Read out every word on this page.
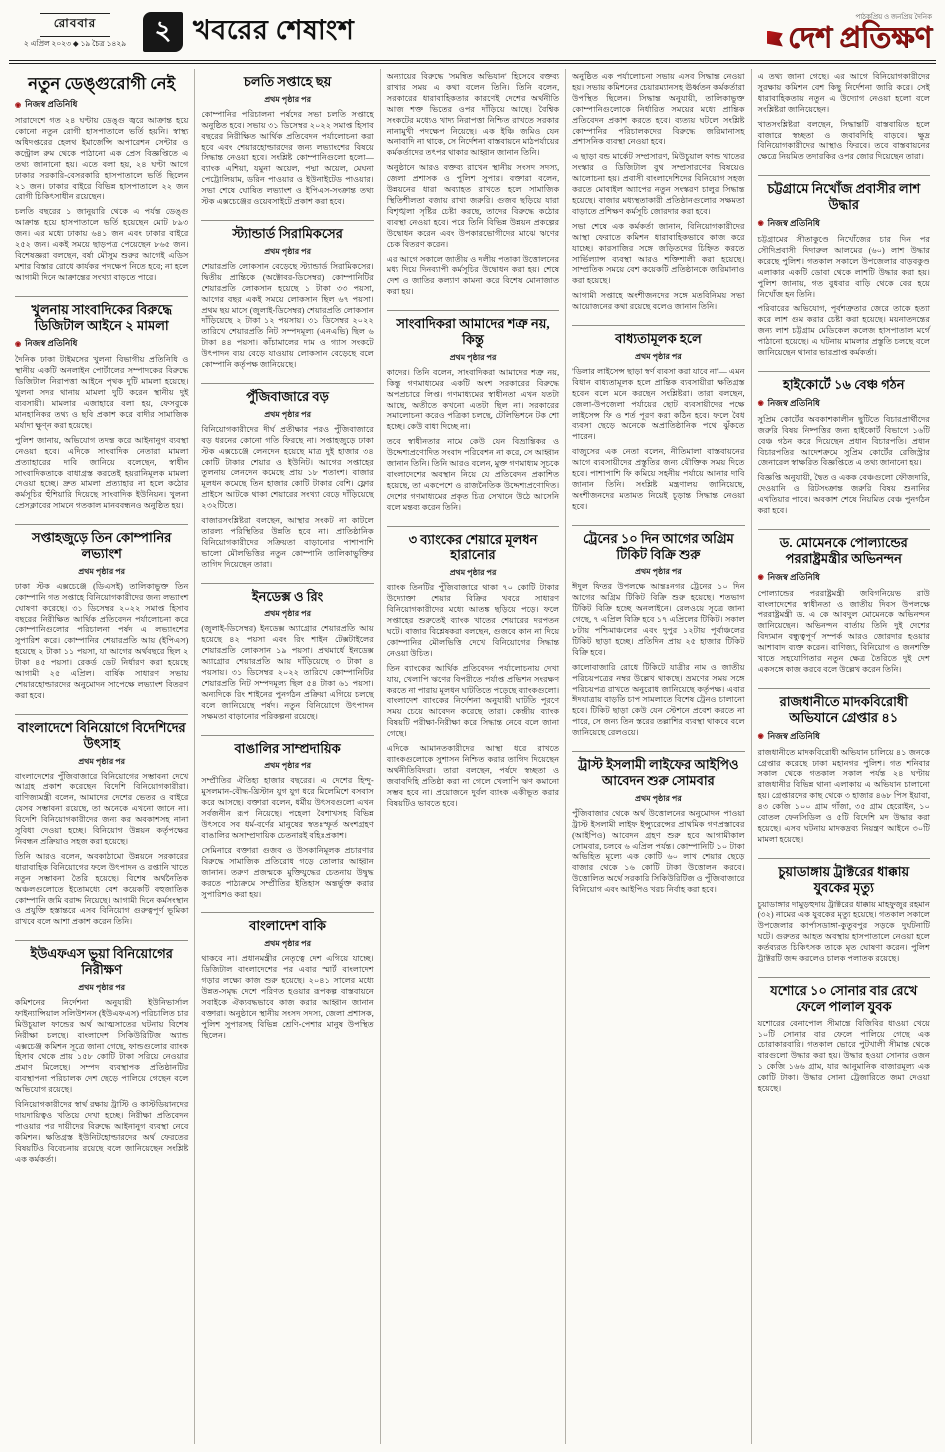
রোববার
২ এপ্রিল ২০২৩ ◆ ১৯ চৈত্র ১৪২৯	২ খবরের শেষাংশ	পাঠকপ্রিয় ও জনপ্রিয় দৈনিক
দেশ প্রতিক্ষণ
নতুন ডেঙ্গুরোগী নেই
◉ নিজস্ব প্রতিনিধি

সারাদেশে গত ২৪ ঘণ্টায় ডেঙ্গু জ্বরে আক্রান্ত হয়ে কোনো নতুন রোগী হাসপাতালে ভর্তি হয়নি। স্বাস্থ্য অধিদপ্তরের হেলথ ইমার্জেন্সি অপারেশন সেন্টার ও কন্ট্রোল রুম থেকে পাঠানো এক প্রেস বিজ্ঞপ্তিতে এ তথ্য জানানো হয়। এতে বলা হয়, ২৪ ঘণ্টা আগে ঢাকার সরকারি-বেসরকারি হাসপাতালে ভর্তি ছিলেন ২১ জন। ঢাকার বাইরে বিভিন্ন হাসপাতালে ২২ জন রোগী চিকিৎসাধীন রয়েছেন।

চলতি বছরের ১ জানুয়ারি থেকে এ পর্যন্ত ডেঙ্গু আক্রান্ত হয়ে হাসপাতালে ভর্তি হয়েছেন মোট ৮৯৩ জন। এর মধ্যে ঢাকায় ৬৪১ জন এবং ঢাকার বাইরে ২৫২ জন। একই সময়ে ছাড়পত্র পেয়েছেন ৮৬৫ জন। বিশেষজ্ঞরা বলছেন, বর্ষা মৌসুম শুরুর আগেই এডিস মশার বিস্তার রোধে কার্যকর পদক্ষেপ নিতে হবে; না হলে আগামী দিনে আক্রান্তের সংখ্যা বাড়তে পারে।

খুলনায় সাংবাদিকের বিরুদ্ধে ডিজিটাল আইনে ২ মামলা
◉ নিজস্ব প্রতিনিধি

দৈনিক ঢাকা টাইমসের খুলনা বিভাগীয় প্রতিনিধি ও স্থানীয় একটি অনলাইন পোর্টালের সম্পাদকের বিরুদ্ধে ডিজিটাল নিরাপত্তা আইনে পৃথক দুটি মামলা হয়েছে। খুলনা সদর থানায় মামলা দুটি করেন স্থানীয় দুই ব্যবসায়ী। মামলার এজাহারে বলা হয়, ফেসবুকে মানহানিকর তথ্য ও ছবি প্রকাশ করে বাদীর সামাজিক মর্যাদা ক্ষুণ্ন করা হয়েছে।

পুলিশ জানায়, অভিযোগ তদন্ত করে আইনানুগ ব্যবস্থা নেওয়া হবে। এদিকে সাংবাদিক নেতারা মামলা প্রত্যাহারের দাবি জানিয়ে বলেছেন, স্বাধীন সাংবাদিকতাকে বাধাগ্রস্ত করতেই হয়রানিমূলক মামলা দেওয়া হচ্ছে। দ্রুত মামলা প্রত্যাহার না হলে কঠোর কর্মসূচির হুঁশিয়ারি দিয়েছে সাংবাদিক ইউনিয়ন। খুলনা প্রেসক্লাবের সামনে গতকাল মানববন্ধনও অনুষ্ঠিত হয়।

সপ্তাহজুড়ে তিন কোম্পানির লভ্যাংশ
প্রথম পৃষ্ঠার পর

ঢাকা স্টক এক্সচেঞ্জে (ডিএসই) তালিকাভুক্ত তিন কোম্পানি গত সপ্তাহে বিনিয়োগকারীদের জন্য লভ্যাংশ ঘোষণা করেছে। ৩১ ডিসেম্বর ২০২২ সমাপ্ত হিসাব বছরের নিরীক্ষিত আর্থিক প্রতিবেদন পর্যালোচনা করে কোম্পানিগুলোর পরিচালনা পর্ষদ এ লভ্যাংশের সুপারিশ করে। কোম্পানির শেয়ারপ্রতি আয় (ইপিএস) হয়েছে ২ টাকা ১১ পয়সা, যা আগের অর্থবছরে ছিল ২ টাকা ৪৫ পয়সা। রেকর্ড ডেট নির্ধারণ করা হয়েছে আগামী ২৫ এপ্রিল। বার্ষিক সাধারণ সভায় শেয়ারহোল্ডারদের অনুমোদন সাপেক্ষে লভ্যাংশ বিতরণ করা হবে।

বাংলাদেশে বিনিয়োগে বিদেশিদের উৎসাহ
প্রথম পৃষ্ঠার পর

বাংলাদেশের পুঁজিবাজারে বিনিয়োগের সম্ভাবনা দেখে আগ্রহ প্রকাশ করেছেন বিদেশি বিনিয়োগকারীরা। বাণিজ্যমন্ত্রী বলেন, আমাদের দেশের ভেতর ও বাইরে যেসব সম্ভাবনা রয়েছে, তা অনেকে এখনো জানে না। বিদেশি বিনিয়োগকারীদের জন্য কর অবকাশসহ নানা সুবিধা দেওয়া হচ্ছে। বিনিয়োগ উন্নয়ন কর্তৃপক্ষের নিবন্ধন প্রক্রিয়াও সহজ করা হয়েছে।

তিনি আরও বলেন, অবকাঠামো উন্নয়নে সরকারের ধারাবাহিক বিনিয়োগের ফলে উৎপাদন ও রপ্তানি খাতে নতুন সম্ভাবনা তৈরি হয়েছে। বিশেষ অর্থনৈতিক অঞ্চলগুলোতে ইতোমধ্যে বেশ কয়েকটি বহুজাতিক কোম্পানি জমি বরাদ্দ নিয়েছে। আগামী দিনে কর্মসংস্থান ও প্রযুক্তি হস্তান্তরে এসব বিনিয়োগ গুরুত্বপূর্ণ ভূমিকা রাখবে বলে আশা প্রকাশ করেন তিনি।

ইউএফএস ভুয়া বিনিয়োগের নিরীক্ষণ
প্রথম পৃষ্ঠার পর

কমিশনের নির্দেশনা অনুযায়ী ইউনিভার্সাল ফাইন্যান্সিয়াল সলিউশনস (ইউএফএস) পরিচালিত চার মিউচুয়াল ফান্ডের অর্থ আত্মসাতের ঘটনায় বিশেষ নিরীক্ষা চলছে। বাংলাদেশ সিকিউরিটিজ অ্যান্ড এক্সচেঞ্জ কমিশন সূত্রে জানা গেছে, ফান্ডগুলোর ব্যাংক হিসাব থেকে প্রায় ১৫৮ কোটি টাকা সরিয়ে নেওয়ার প্রমাণ মিলেছে। সম্পদ ব্যবস্থাপক প্রতিষ্ঠানটির ব্যবস্থাপনা পরিচালক দেশ ছেড়ে পালিয়ে গেছেন বলে অভিযোগ রয়েছে।

বিনিয়োগকারীদের স্বার্থ রক্ষায় ট্রাস্টি ও কাস্টডিয়ানদের দায়দায়িত্বও খতিয়ে দেখা হচ্ছে। নিরীক্ষা প্রতিবেদন পাওয়ার পর দায়ীদের বিরুদ্ধে আইনানুগ ব্যবস্থা নেবে কমিশন। ক্ষতিগ্রস্ত ইউনিটহোল্ডারদের অর্থ ফেরতের বিষয়টিও বিবেচনায় রয়েছে বলে জানিয়েছেন সংশ্লিষ্ট এক কর্মকর্তা।

চলতি সপ্তাহে ছয়
প্রথম পৃষ্ঠার পর

কোম্পানির পরিচালনা পর্ষদের সভা চলতি সপ্তাহে অনুষ্ঠিত হবে। সভায় ৩১ ডিসেম্বর ২০২২ সমাপ্ত হিসাব বছরের নিরীক্ষিত আর্থিক প্রতিবেদন পর্যালোচনা করা হবে এবং শেয়ারহোল্ডারদের জন্য লভ্যাংশের বিষয়ে সিদ্ধান্ত নেওয়া হবে। সংশ্লিষ্ট কোম্পানিগুলো হলো— ব্যাংক এশিয়া, যমুনা অয়েল, পদ্মা অয়েল, মেঘনা পেট্রোলিয়াম, ডরিন পাওয়ার ও ইউনাইটেড পাওয়ার। সভা শেষে ঘোষিত লভ্যাংশ ও ইপিএস-সংক্রান্ত তথ্য স্টক এক্সচেঞ্জের ওয়েবসাইটে প্রকাশ করা হবে।

স্ট্যান্ডার্ড সিরামিকসের
প্রথম পৃষ্ঠার পর

শেয়ারপ্রতি লোকসান বেড়েছে স্ট্যান্ডার্ড সিরামিকসের। দ্বিতীয় প্রান্তিকে (অক্টোবর-ডিসেম্বর) কোম্পানিটির শেয়ারপ্রতি লোকসান হয়েছে ১ টাকা ৩৩ পয়সা, আগের বছর একই সময়ে লোকসান ছিল ৬৭ পয়সা। প্রথম ছয় মাসে (জুলাই-ডিসেম্বর) শেয়ারপ্রতি লোকসান দাঁড়িয়েছে ২ টাকা ১২ পয়সায়। ৩১ ডিসেম্বর ২০২২ তারিখে শেয়ারপ্রতি নিট সম্পদমূল্য (এনএভি) ছিল ৬ টাকা ৪৪ পয়সা। কাঁচামালের দাম ও গ্যাস সংকটে উৎপাদন ব্যয় বেড়ে যাওয়ায় লোকসান বেড়েছে বলে কোম্পানি কর্তৃপক্ষ জানিয়েছে।

পুঁজিবাজারে বড়
প্রথম পৃষ্ঠার পর

বিনিয়োগকারীদের দীর্ঘ প্রতীক্ষার পরও পুঁজিবাজারে বড় ধরনের কোনো গতি ফিরছে না। সপ্তাহজুড়ে ঢাকা স্টক এক্সচেঞ্জে লেনদেন হয়েছে মাত্র দুই হাজার ৩৪ কোটি টাকার শেয়ার ও ইউনিট। আগের সপ্তাহের তুলনায় লেনদেন কমেছে প্রায় ১৮ শতাংশ। বাজার মূলধন কমেছে তিন হাজার কোটি টাকার বেশি। ফ্লোর প্রাইসে আটকে থাকা শেয়ারের সংখ্যা বেড়ে দাঁড়িয়েছে ২৩২টিতে।

বাজারসংশ্লিষ্টরা বলছেন, আস্থার সংকট না কাটলে তারল্য পরিস্থিতির উন্নতি হবে না। প্রাতিষ্ঠানিক বিনিয়োগকারীদের সক্রিয়তা বাড়ানোর পাশাপাশি ভালো মৌলভিত্তির নতুন কোম্পানি তালিকাভুক্তির তাগিদ দিয়েছেন তারা।

ইনডেক্স ও রিং
প্রথম পৃষ্ঠার পর

(জুলাই-ডিসেম্বর) ইনডেক্স অ্যাগ্রোর শেয়ারপ্রতি আয় হয়েছে ৪২ পয়সা এবং রিং শাইন টেক্সটাইলের শেয়ারপ্রতি লোকসান ১৯ পয়সা। প্রথমার্ধে ইনডেক্স অ্যাগ্রোর শেয়ারপ্রতি আয় দাঁড়িয়েছে ৩ টাকা ৪ পয়সায়। ৩১ ডিসেম্বর ২০২২ তারিখে কোম্পানিটির শেয়ারপ্রতি নিট সম্পদমূল্য ছিল ৫৪ টাকা ৬১ পয়সা। অন্যদিকে রিং শাইনের পুনর্গঠন প্রক্রিয়া এগিয়ে চলছে বলে জানিয়েছে পর্ষদ। নতুন বিনিয়োগে উৎপাদন সক্ষমতা বাড়ানোর পরিকল্পনা রয়েছে।

বাঙালির সাম্প্রদায়িক
প্রথম পৃষ্ঠার পর

সম্প্রীতির ঐতিহ্য হাজার বছরের। এ দেশের হিন্দু-মুসলমান-বৌদ্ধ-খ্রিস্টান যুগ যুগ ধরে মিলেমিশে বসবাস করে আসছে। বক্তারা বলেন, ধর্মীয় উৎসবগুলো এখন সর্বজনীন রূপ নিয়েছে। পহেলা বৈশাখসহ বিভিন্ন উৎসবে সব ধর্ম-বর্ণের মানুষের স্বতঃস্ফূর্ত অংশগ্রহণ বাঙালির অসাম্প্রদায়িক চেতনারই বহিঃপ্রকাশ।

সেমিনারে বক্তারা গুজব ও উসকানিমূলক প্রচারণার বিরুদ্ধে সামাজিক প্রতিরোধ গড়ে তোলার আহ্বান জানান। তরুণ প্রজন্মকে মুক্তিযুদ্ধের চেতনায় উদ্বুদ্ধ করতে পাঠ্যক্রমে সম্প্রীতির ইতিহাস অন্তর্ভুক্ত করার সুপারিশও করা হয়।

বাংলাদেশ বাকি
প্রথম পৃষ্ঠার পর

থাকবে না। প্রধানমন্ত্রীর নেতৃত্বে দেশ এগিয়ে যাচ্ছে। ডিজিটাল বাংলাদেশের পর এবার স্মার্ট বাংলাদেশ গড়ার লক্ষ্যে কাজ শুরু হয়েছে। ২০৪১ সালের মধ্যে উন্নত-সমৃদ্ধ দেশে পরিণত হওয়ার রূপকল্প বাস্তবায়নে সবাইকে ঐক্যবদ্ধভাবে কাজ করার আহ্বান জানান বক্তারা। অনুষ্ঠানে স্থানীয় সংসদ সদস্য, জেলা প্রশাসক, পুলিশ সুপারসহ বিভিন্ন শ্রেণি-পেশার মানুষ উপস্থিত ছিলেন।

অন্যায়ের বিরুদ্ধে 'সমন্বিত অভিযান' হিসেবে বক্তব্য রাখার সময় এ কথা বলেন তিনি। তিনি বলেন, সরকারের ধারাবাহিকতার কারণেই দেশের অর্থনীতি আজ শক্ত ভিতের ওপর দাঁড়িয়ে আছে। বৈশ্বিক সংকটের মধ্যেও খাদ্য নিরাপত্তা নিশ্চিত রাখতে সরকার নানামুখী পদক্ষেপ নিয়েছে। এক ইঞ্চি জমিও যেন অনাবাদি না থাকে, সে নির্দেশনা বাস্তবায়নে মাঠপর্যায়ের কর্মকর্তাদের তৎপর থাকার আহ্বান জানান তিনি।

অনুষ্ঠানে আরও বক্তব্য রাখেন স্থানীয় সংসদ সদস্য, জেলা প্রশাসক ও পুলিশ সুপার। বক্তারা বলেন, উন্নয়নের ধারা অব্যাহত রাখতে হলে সামাজিক স্থিতিশীলতা বজায় রাখা জরুরি। গুজব ছড়িয়ে যারা বিশৃঙ্খলা সৃষ্টির চেষ্টা করছে, তাদের বিরুদ্ধে কঠোর ব্যবস্থা নেওয়া হবে। পরে তিনি বিভিন্ন উন্নয়ন প্রকল্পের উদ্বোধন করেন এবং উপকারভোগীদের মাঝে ঋণের চেক বিতরণ করেন।

এর আগে সকালে জাতীয় ও দলীয় পতাকা উত্তোলনের মধ্য দিয়ে দিনব্যাপী কর্মসূচির উদ্বোধন করা হয়। শেষে দেশ ও জাতির কল্যাণ কামনা করে বিশেষ মোনাজাত করা হয়।

সাংবাদিকরা আমাদের শত্রু নয়, কিন্তু
প্রথম পৃষ্ঠার পর

কাদের। তিনি বলেন, সাংবাদিকরা আমাদের শত্রু নয়, কিন্তু গণমাধ্যমের একটি অংশ সরকারের বিরুদ্ধে অপপ্রচারে লিপ্ত। গণমাধ্যমের স্বাধীনতা এখন যতটা আছে, অতীতে কখনো এতটা ছিল না। সরকারের সমালোচনা করেও পত্রিকা চলছে, টেলিভিশনে টক শো হচ্ছে। কেউ বাধা দিচ্ছে না।

তবে স্বাধীনতার নামে কেউ যেন বিভ্রান্তিকর ও উদ্দেশ্যপ্রণোদিত সংবাদ পরিবেশন না করে, সে আহ্বান জানান তিনি। তিনি আরও বলেন, মুক্ত গণমাধ্যম সূচকে বাংলাদেশের অবস্থান নিয়ে যে প্রতিবেদন প্রকাশিত হয়েছে, তা একপেশে ও রাজনৈতিক উদ্দেশ্যপ্রণোদিত। দেশের গণমাধ্যমের প্রকৃত চিত্র সেখানে উঠে আসেনি বলে মন্তব্য করেন তিনি।

৩ ব্যাংকের শেয়ারে মূলধন হারানোর
প্রথম পৃষ্ঠার পর

ব্যাংক তিনটির পুঁজিবাজারে থাকা ৭০ কোটি টাকার উদ্যোক্তা শেয়ার বিক্রির খবরে সাধারণ বিনিয়োগকারীদের মধ্যে আতঙ্ক ছড়িয়ে পড়ে। ফলে সপ্তাহের শুরুতেই ব্যাংক খাতের শেয়ারের দরপতন ঘটে। বাজার বিশ্লেষকরা বলছেন, গুজবে কান না দিয়ে কোম্পানির মৌলভিত্তি দেখে বিনিয়োগের সিদ্ধান্ত নেওয়া উচিত।

তিন ব্যাংকের আর্থিক প্রতিবেদন পর্যালোচনায় দেখা যায়, খেলাপি ঋণের বিপরীতে পর্যাপ্ত প্রভিশন সংরক্ষণ করতে না পারায় মূলধন ঘাটতিতে পড়েছে ব্যাংকগুলো। বাংলাদেশ ব্যাংকের নির্দেশনা অনুযায়ী ঘাটতি পূরণে সময় চেয়ে আবেদন করেছে তারা। কেন্দ্রীয় ব্যাংক বিষয়টি পরীক্ষা-নিরীক্ষা করে সিদ্ধান্ত নেবে বলে জানা গেছে।

এদিকে আমানতকারীদের আস্থা ধরে রাখতে ব্যাংকগুলোকে সুশাসন নিশ্চিত করার তাগিদ দিয়েছেন অর্থনীতিবিদরা। তারা বলছেন, পর্ষদে স্বচ্ছতা ও জবাবদিহি প্রতিষ্ঠা করা না গেলে খেলাপি ঋণ কমানো সম্ভব হবে না। প্রয়োজনে দুর্বল ব্যাংক একীভূত করার বিষয়টিও ভাবতে হবে।

অনুষ্ঠিত এক পর্যালোচনা সভায় এসব সিদ্ধান্ত নেওয়া হয়। সভায় কমিশনের চেয়ারম্যানসহ ঊর্ধ্বতন কর্মকর্তারা উপস্থিত ছিলেন। সিদ্ধান্ত অনুযায়ী, তালিকাভুক্ত কোম্পানিগুলোকে নির্ধারিত সময়ের মধ্যে প্রান্তিক প্রতিবেদন প্রকাশ করতে হবে। ব্যত্যয় ঘটলে সংশ্লিষ্ট কোম্পানির পরিচালকদের বিরুদ্ধে জরিমানাসহ প্রশাসনিক ব্যবস্থা নেওয়া হবে।

এ ছাড়া বন্ড মার্কেট সম্প্রসারণ, মিউচুয়াল ফান্ড খাতের সংস্কার ও ডিজিটাল বুথ সম্প্রসারণের বিষয়েও আলোচনা হয়। প্রবাসী বাংলাদেশিদের বিনিয়োগ সহজ করতে মোবাইল অ্যাপের নতুন সংস্করণ চালুর সিদ্ধান্ত হয়েছে। বাজার মধ্যস্থতাকারী প্রতিষ্ঠানগুলোর সক্ষমতা বাড়াতে প্রশিক্ষণ কর্মসূচি জোরদার করা হবে।

সভা শেষে এক কর্মকর্তা জানান, বিনিয়োগকারীদের আস্থা ফেরাতে কমিশন ধারাবাহিকভাবে কাজ করে যাচ্ছে। কারসাজির সঙ্গে জড়িতদের চিহ্নিত করতে সার্ভিল্যান্স ব্যবস্থা আরও শক্তিশালী করা হয়েছে। সাম্প্রতিক সময়ে বেশ কয়েকটি প্রতিষ্ঠানকে জরিমানাও করা হয়েছে।

আগামী সপ্তাহে অংশীজনদের সঙ্গে মতবিনিময় সভা আয়োজনের কথা রয়েছে বলেও জানান তিনি।

বাধ্যতামূলক হলে
প্রথম পৃষ্ঠার পর

'ডিলার লাইসেন্স ছাড়া স্বর্ণ ব্যবসা করা যাবে না'— এমন বিধান বাধ্যতামূলক হলে প্রান্তিক ব্যবসায়ীরা ক্ষতিগ্রস্ত হবেন বলে মনে করছেন সংশ্লিষ্টরা। তারা বলছেন, জেলা-উপজেলা পর্যায়ের ছোট ব্যবসায়ীদের পক্ষে লাইসেন্স ফি ও শর্ত পূরণ করা কঠিন হবে। ফলে বৈধ ব্যবসা ছেড়ে অনেকে অপ্রাতিষ্ঠানিক পথে ঝুঁকতে পারেন।

বাজুসের এক নেতা বলেন, নীতিমালা বাস্তবায়নের আগে ব্যবসায়ীদের প্রস্তুতির জন্য যৌক্তিক সময় দিতে হবে। পাশাপাশি ফি কমিয়ে সহনীয় পর্যায়ে আনার দাবি জানান তিনি। সংশ্লিষ্ট মন্ত্রণালয় জানিয়েছে, অংশীজনদের মতামত নিয়েই চূড়ান্ত সিদ্ধান্ত নেওয়া হবে।

ট্রেনের ১০ দিন আগের অগ্রিম টিকিট বিক্রি শুরু
প্রথম পৃষ্ঠার পর

ঈদুল ফিতর উপলক্ষে আন্তঃনগর ট্রেনের ১০ দিন আগের অগ্রিম টিকিট বিক্রি শুরু হয়েছে। শতভাগ টিকিট বিক্রি হচ্ছে অনলাইনে। রেলওয়ে সূত্রে জানা গেছে, ৭ এপ্রিল বিক্রি হবে ১৭ এপ্রিলের টিকিট। সকাল ৮টায় পশ্চিমাঞ্চলের এবং দুপুর ১২টায় পূর্বাঞ্চলের টিকিট ছাড়া হচ্ছে। প্রতিদিন প্রায় ২৫ হাজার টিকিট বিক্রি হবে।

কালোবাজারি রোধে টিকিটে যাত্রীর নাম ও জাতীয় পরিচয়পত্রের নম্বর উল্লেখ থাকছে। ভ্রমণের সময় সঙ্গে পরিচয়পত্র রাখতে অনুরোধ জানিয়েছে কর্তৃপক্ষ। এবার ঈদযাত্রায় বাড়তি চাপ সামলাতে বিশেষ ট্রেনও চালানো হবে। টিকিট ছাড়া কেউ যেন স্টেশনে প্রবেশ করতে না পারে, সে জন্য তিন স্তরের তল্লাশির ব্যবস্থা থাকবে বলে জানিয়েছে রেলওয়ে।

ট্রাস্ট ইসলামী লাইফের আইপিও আবেদন শুরু সোমবার
প্রথম পৃষ্ঠার পর

পুঁজিবাজার থেকে অর্থ উত্তোলনের অনুমোদন পাওয়া ট্রাস্ট ইসলামী লাইফ ইন্স্যুরেন্সের প্রাথমিক গণপ্রস্তাবের (আইপিও) আবেদন গ্রহণ শুরু হবে আগামীকাল সোমবার, চলবে ৬ এপ্রিল পর্যন্ত। কোম্পানিটি ১০ টাকা অভিহিত মূল্যে এক কোটি ৬০ লাখ শেয়ার ছেড়ে বাজার থেকে ১৬ কোটি টাকা উত্তোলন করবে। উত্তোলিত অর্থে সরকারি সিকিউরিটিজ ও পুঁজিবাজারে বিনিয়োগ এবং আইপিও খরচ নির্বাহ করা হবে।

এ তথ্য জানা গেছে। এর আগে বিনিয়োগকারীদের সুরক্ষায় কমিশন বেশ কিছু নির্দেশনা জারি করে। সেই ধারাবাহিকতায় নতুন এ উদ্যোগ নেওয়া হলো বলে সংশ্লিষ্টরা জানিয়েছেন।

খাতসংশ্লিষ্টরা বলছেন, সিদ্ধান্তটি বাস্তবায়িত হলে বাজারে স্বচ্ছতা ও জবাবদিহি বাড়বে। ক্ষুদ্র বিনিয়োগকারীদের আস্থাও ফিরবে। তবে বাস্তবায়নের ক্ষেত্রে নিয়মিত তদারকির ওপর জোর দিয়েছেন তারা।

চট্টগ্রামে নিখোঁজ প্রবাসীর লাশ উদ্ধার
◉ নিজস্ব প্রতিনিধি

চট্টগ্রামের সীতাকুণ্ডে নিখোঁজের চার দিন পর সৌদিপ্রবাসী দিদারুল আলমের (৬০) লাশ উদ্ধার করেছে পুলিশ। গতকাল সকালে উপজেলার বাড়বকুণ্ড এলাকার একটি ডোবা থেকে লাশটি উদ্ধার করা হয়। পুলিশ জানায়, গত বুধবার বাড়ি থেকে বের হয়ে নিখোঁজ হন তিনি।

পরিবারের অভিযোগ, পূর্বশত্রুতার জেরে তাকে হত্যা করে লাশ গুম করার চেষ্টা করা হয়েছে। ময়নাতদন্তের জন্য লাশ চট্টগ্রাম মেডিকেল কলেজ হাসপাতাল মর্গে পাঠানো হয়েছে। এ ঘটনায় মামলার প্রস্তুতি চলছে বলে জানিয়েছেন থানার ভারপ্রাপ্ত কর্মকর্তা।

হাইকোর্টে ১৬ বেঞ্চ গঠন
◉ নিজস্ব প্রতিনিধি

সুপ্রিম কোর্টের অবকাশকালীন ছুটিতে বিচারপ্রার্থীদের জরুরি বিষয় নিষ্পত্তির জন্য হাইকোর্ট বিভাগে ১৬টি বেঞ্চ গঠন করে দিয়েছেন প্রধান বিচারপতি। প্রধান বিচারপতির আদেশক্রমে সুপ্রিম কোর্টের রেজিস্ট্রার জেনারেল স্বাক্ষরিত বিজ্ঞপ্তিতে এ তথ্য জানানো হয়।

বিজ্ঞপ্তি অনুযায়ী, দ্বৈত ও একক বেঞ্চগুলো ফৌজদারি, দেওয়ানি ও রিটসংক্রান্ত জরুরি বিষয় শুনানির এখতিয়ার পাবে। অবকাশ শেষে নিয়মিত বেঞ্চ পুনর্গঠন করা হবে।

ড. মোমেনকে পোল্যান্ডের পররাষ্ট্রমন্ত্রীর অভিনন্দন
◉ নিজস্ব প্রতিনিধি

পোল্যান্ডের পররাষ্ট্রমন্ত্রী জবিগনিয়েভ রাউ বাংলাদেশের স্বাধীনতা ও জাতীয় দিবস উপলক্ষে পররাষ্ট্রমন্ত্রী ড. এ কে আবদুল মোমেনকে অভিনন্দন জানিয়েছেন। অভিনন্দন বার্তায় তিনি দুই দেশের বিদ্যমান বন্ধুত্বপূর্ণ সম্পর্ক আরও জোরদার হওয়ার আশাবাদ ব্যক্ত করেন। বাণিজ্য, বিনিয়োগ ও জনশক্তি খাতে সহযোগিতার নতুন ক্ষেত্র তৈরিতে দুই দেশ একসঙ্গে কাজ করবে বলে উল্লেখ করেন তিনি।

রাজধানীতে মাদকবিরোধী অভিযানে গ্রেপ্তার ৪১
◉ নিজস্ব প্রতিনিধি

রাজধানীতে মাদকবিরোধী অভিযান চালিয়ে ৪১ জনকে গ্রেপ্তার করেছে ঢাকা মহানগর পুলিশ। গত শনিবার সকাল থেকে গতকাল সকাল পর্যন্ত ২৪ ঘণ্টায় রাজধানীর বিভিন্ন থানা এলাকায় এ অভিযান চালানো হয়। গ্রেপ্তারদের কাছ থেকে ৩ হাজার ৪৬৮ পিস ইয়াবা, ৪৩ কেজি ১০০ গ্রাম গাঁজা, ৩৫ গ্রাম হেরোইন, ১০ বোতল ফেনসিডিল ও ৫টি বিদেশি মদ উদ্ধার করা হয়েছে। এসব ঘটনায় মাদকদ্রব্য নিয়ন্ত্রণ আইনে ৩০টি মামলা হয়েছে।

চুয়াডাঙ্গায় ট্রাক্টরের ধাক্কায় যুবকের মৃত্যু

চুয়াডাঙ্গার দামুড়হুদায় ট্রাক্টরের ধাক্কায় মাহফুজুর রহমান (৩২) নামের এক যুবকের মৃত্যু হয়েছে। গতকাল সকালে উপজেলার কার্পাসডাঙ্গা-কুতুবপুর সড়কে দুর্ঘটনাটি ঘটে। গুরুতর আহত অবস্থায় হাসপাতালে নেওয়া হলে কর্তব্যরত চিকিৎসক তাকে মৃত ঘোষণা করেন। পুলিশ ট্রাক্টরটি জব্দ করলেও চালক পলাতক রয়েছে।

যশোরে ১০ সোনার বার রেখে ফেলে পালাল যুবক

যশোরের বেনাপোল সীমান্তে বিজিবির ধাওয়া খেয়ে ১০টি সোনার বার ফেলে পালিয়ে গেছে এক চোরাকারবারি। গতকাল ভোরে পুটখালী সীমান্ত থেকে বারগুলো উদ্ধার করা হয়। উদ্ধার হওয়া সোনার ওজন ১ কেজি ১৬৬ গ্রাম, যার আনুমানিক বাজারমূল্য এক কোটি টাকা। উদ্ধার সোনা ট্রেজারিতে জমা দেওয়া হয়েছে।
